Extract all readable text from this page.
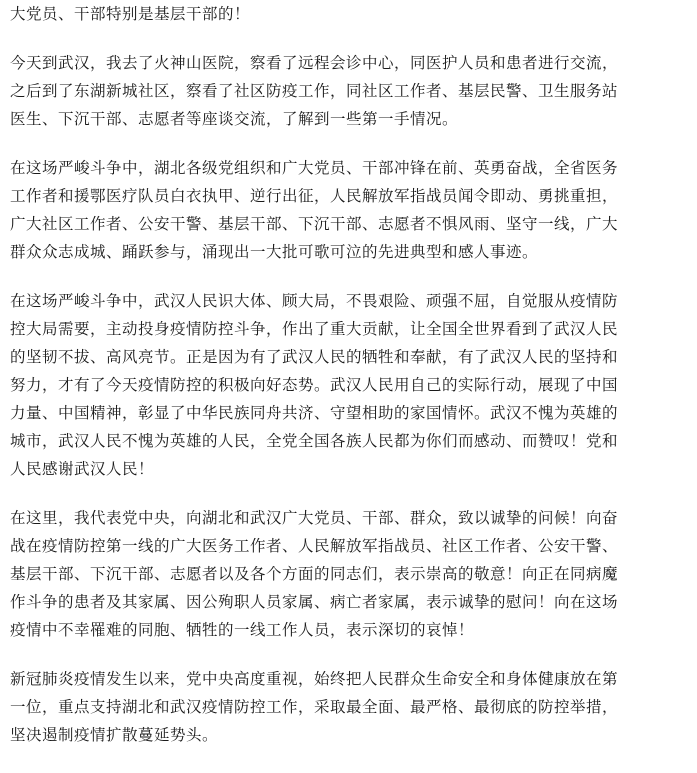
大党员、干部特别是基层干部的！

今天到武汉，我去了火神山医院，察看了远程会诊中心，同医护人员和患者进行交流，
之后到了东湖新城社区，察看了社区防疫工作，同社区工作者、基层民警、卫生服务站
医生、下沉干部、志愿者等座谈交流，了解到一些第一手情况。

在这场严峻斗争中，湖北各级党组织和广大党员、干部冲锋在前、英勇奋战，全省医务
工作者和援鄂医疗队员白衣执甲、逆行出征，人民解放军指战员闻令即动、勇挑重担，
广大社区工作者、公安干警、基层干部、下沉干部、志愿者不惧风雨、坚守一线，广大
群众众志成城、踊跃参与，涌现出一大批可歌可泣的先进典型和感人事迹。

在这场严峻斗争中，武汉人民识大体、顾大局，不畏艰险、顽强不屈，自觉服从疫情防
控大局需要，主动投身疫情防控斗争，作出了重大贡献，让全国全世界看到了武汉人民
的坚韧不拔、高风亮节。正是因为有了武汉人民的牺牲和奉献，有了武汉人民的坚持和
努力，才有了今天疫情防控的积极向好态势。武汉人民用自己的实际行动，展现了中国
力量、中国精神，彰显了中华民族同舟共济、守望相助的家国情怀。武汉不愧为英雄的
城市，武汉人民不愧为英雄的人民，全党全国各族人民都为你们而感动、而赞叹！党和
人民感谢武汉人民！

在这里，我代表党中央，向湖北和武汉广大党员、干部、群众，致以诚挚的问候！向奋
战在疫情防控第一线的广大医务工作者、人民解放军指战员、社区工作者、公安干警、
基层干部、下沉干部、志愿者以及各个方面的同志们，表示崇高的敬意！向正在同病魔
作斗争的患者及其家属、因公殉职人员家属、病亡者家属，表示诚挚的慰问！向在这场
疫情中不幸罹难的同胞、牺牲的一线工作人员，表示深切的哀悼！

新冠肺炎疫情发生以来，党中央高度重视，始终把人民群众生命安全和身体健康放在第
一位，重点支持湖北和武汉疫情防控工作，采取最全面、最严格、最彻底的防控举措，
坚决遏制疫情扩散蔓延势头。
